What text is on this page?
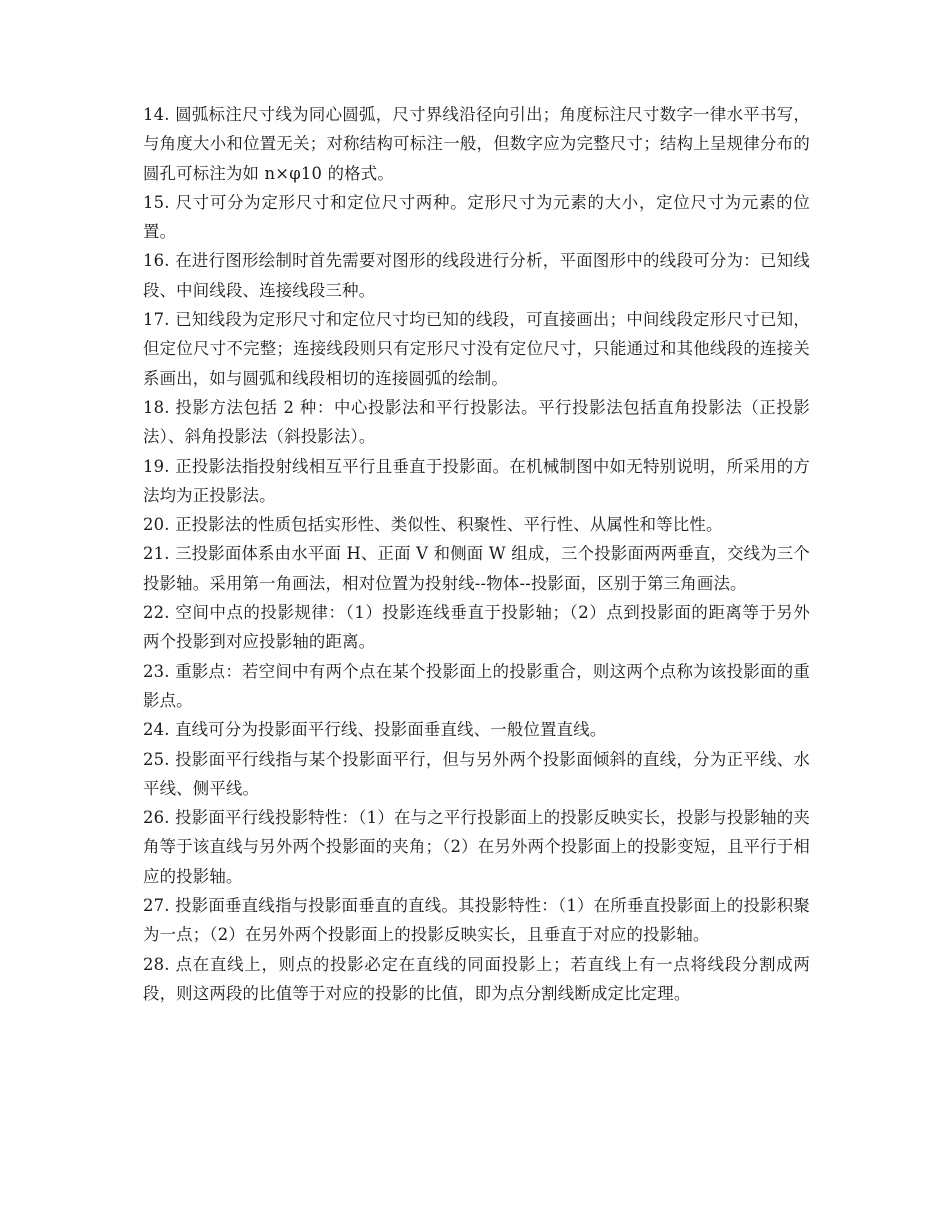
14. 圆弧标注尺寸线为同心圆弧，尺寸界线沿径向引出；角度标注尺寸数字一律水平书写，与角度大小和位置无关；对称结构可标注一般，但数字应为完整尺寸；结构上呈规律分布的圆孔可标注为如 n×φ10 的格式。

15. 尺寸可分为定形尺寸和定位尺寸两种。定形尺寸为元素的大小，定位尺寸为元素的位置。

16. 在进行图形绘制时首先需要对图形的线段进行分析，平面图形中的线段可分为：已知线段、中间线段、连接线段三种。

17. 已知线段为定形尺寸和定位尺寸均已知的线段，可直接画出；中间线段定形尺寸已知，但定位尺寸不完整；连接线段则只有定形尺寸没有定位尺寸，只能通过和其他线段的连接关系画出，如与圆弧和线段相切的连接圆弧的绘制。

18. 投影方法包括 2 种：中心投影法和平行投影法。平行投影法包括直角投影法（正投影法）、斜角投影法（斜投影法）。

19. 正投影法指投射线相互平行且垂直于投影面。在机械制图中如无特别说明，所采用的方法均为正投影法。

20. 正投影法的性质包括实形性、类似性、积聚性、平行性、从属性和等比性。

21. 三投影面体系由水平面 H、正面 V 和侧面 W 组成，三个投影面两两垂直，交线为三个投影轴。采用第一角画法，相对位置为投射线--物体--投影面，区别于第三角画法。

22. 空间中点的投影规律：（1）投影连线垂直于投影轴；（2）点到投影面的距离等于另外两个投影到对应投影轴的距离。

23. 重影点：若空间中有两个点在某个投影面上的投影重合，则这两个点称为该投影面的重影点。

24. 直线可分为投影面平行线、投影面垂直线、一般位置直线。

25. 投影面平行线指与某个投影面平行，但与另外两个投影面倾斜的直线，分为正平线、水平线、侧平线。

26. 投影面平行线投影特性：（1）在与之平行投影面上的投影反映实长，投影与投影轴的夹角等于该直线与另外两个投影面的夹角；（2）在另外两个投影面上的投影变短，且平行于相应的投影轴。

27. 投影面垂直线指与投影面垂直的直线。其投影特性：（1）在所垂直投影面上的投影积聚为一点；（2）在另外两个投影面上的投影反映实长，且垂直于对应的投影轴。

28. 点在直线上，则点的投影必定在直线的同面投影上；若直线上有一点将线段分割成两段，则这两段的比值等于对应的投影的比值，即为点分割线断成定比定理。
